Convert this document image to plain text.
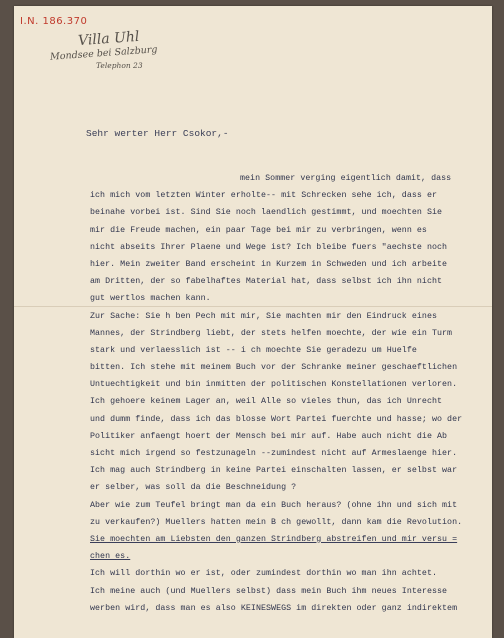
I.N. 186.370
Villa Uhl
Mondsee bei Salzburg
Telephon 23
Sehr werter Herr Csokor,-
mein Sommer verging eigentlich damit, dass
ich mich vom letzten Winter erholte-- mit Schrecken sehe ich, dass er
beinahe vorbei ist. Sind Sie noch laendlich gestimmt, und moechten Sie
mir die Freude machen, ein paar Tage bei mir zu verbringen, wenn es
nicht abseits Ihrer Plaene und Wege ist? Ich bleibe fuers "aechste noch
hier. Mein zweiter Band erscheint in Kurzem in Schweden und ich arbeite
am Dritten, der so fabelhaftes Material hat, dass selbst ich ihn nicht
gut wertlos machen kann.
Zur Sache: Sie h ben Pech mit mir, Sie machten mir den Eindruck eines
Mannes, der Strindberg liebt, der stets helfen moechte, der wie ein Turm
stark und verlaesslich ist -- i ch moechte Sie geradezu um Huelfe
bitten. Ich stehe mit meinem Buch vor der Schranke meiner geschaeftlichen
Untuechtigkeit und bin inmitten der politischen Konstellationen verloren.
Ich gehoere keinem Lager an, weil Alle so vieles thun, das ich Unrecht
und dumm finde, dass ich das blosse Wort Partei fuerchte und hasse; wo der
Politiker anfaengt hoert der Mensch bei mir auf. Habe auch nicht die Ab
sicht mich irgend so festzunageln --zumindest nicht auf Armeslaenge hier.
Ich mag auch Strindberg in keine Partei einschalten lassen, er selbst war
er selber, was soll da die Beschneidung ?
Aber wie zum Teufel bringt man da ein Buch heraus? (ohne ihn und sich mit
zu verkaufen?) Muellers hatten mein B ch gewollt, dann kam die Revolution.
Sie moechten am Liebsten den ganzen Strindberg abstreifen und mir versu =
chen es.
Ich will dorthin wo er ist, oder zumindest dorthin wo man ihn achtet.
Ich meine auch (und Muellers selbst) dass mein Buch ihm neues Interesse
werben wird, dass man es also KEINESWEGS im direkten oder ganz indirektem
